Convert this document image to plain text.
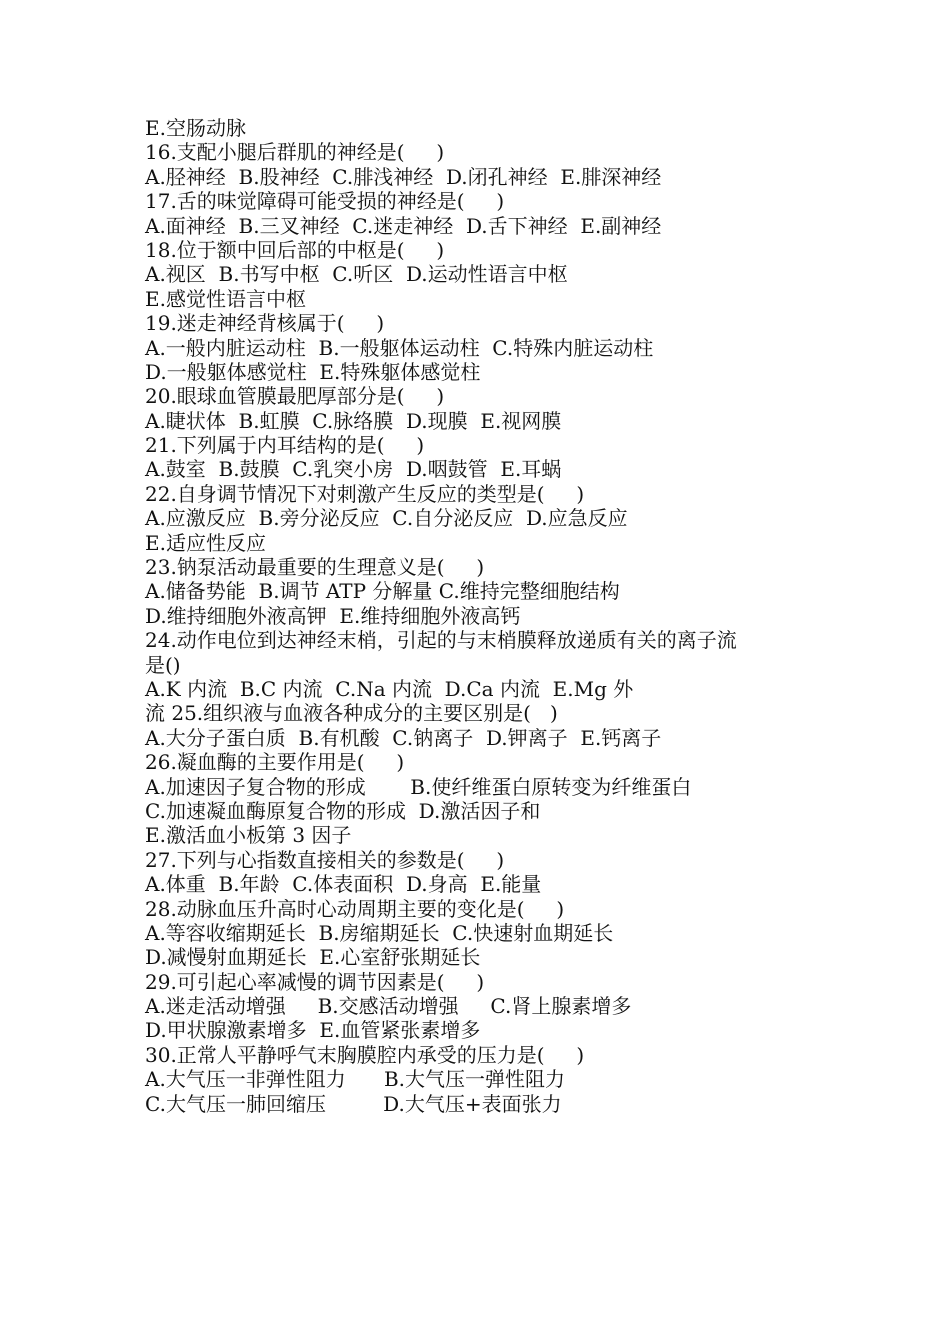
E.空肠动脉
16.支配小腿后群肌的神经是(     )
A.胫神经  B.股神经  C.腓浅神经  D.闭孔神经  E.腓深神经
17.舌的味觉障碍可能受损的神经是(     )
A.面神经  B.三叉神经  C.迷走神经  D.舌下神经  E.副神经
18.位于额中回后部的中枢是(     )
A.视区  B.书写中枢  C.听区  D.运动性语言中枢
E.感觉性语言中枢
19.迷走神经背核属于(     )
A.一般内脏运动柱  B.一般躯体运动柱  C.特殊内脏运动柱
D.一般躯体感觉柱  E.特殊躯体感觉柱
20.眼球血管膜最肥厚部分是(     )
A.睫状体  B.虹膜  C.脉络膜  D.现膜  E.视网膜
21.下列属于内耳结构的是(     )
A.鼓室  B.鼓膜  C.乳突小房  D.咽鼓管  E.耳蜗
22.自身调节情况下对刺激产生反应的类型是(     )
A.应激反应  B.旁分泌反应  C.自分泌反应  D.应急反应
E.适应性反应
23.钠泵活动最重要的生理意义是(     )
A.储备势能  B.调节 ATP 分解量 C.维持完整细胞结构
D.维持细胞外液高钾  E.维持细胞外液高钙
24.动作电位到达神经末梢，引起的与末梢膜释放递质有关的离子流
是()
A.K 内流  B.C 内流  C.Na 内流  D.Ca 内流  E.Mg 外
流 25.组织液与血液各种成分的主要区别是(   )
A.大分子蛋白质  B.有机酸  C.钠离子  D.钾离子  E.钙离子
26.凝血酶的主要作用是(     )
A.加速因子复合物的形成       B.使纤维蛋白原转变为纤维蛋白
C.加速凝血酶原复合物的形成  D.激活因子和
E.激活血小板第 3 因子
27.下列与心指数直接相关的参数是(     )
A.体重  B.年龄  C.体表面积  D.身高  E.能量
28.动脉血压升高时心动周期主要的变化是(     )
A.等容收缩期延长  B.房缩期延长  C.快速射血期延长
D.减慢射血期延长  E.心室舒张期延长
29.可引起心率减慢的调节因素是(     )
A.迷走活动增强     B.交感活动增强     C.肾上腺素增多
D.甲状腺激素增多  E.血管紧张素增多
30.正常人平静呼气末胸膜腔内承受的压力是(     )
A.大气压一非弹性阻力      B.大气压一弹性阻力
C.大气压一肺回缩压         D.大气压+表面张力
